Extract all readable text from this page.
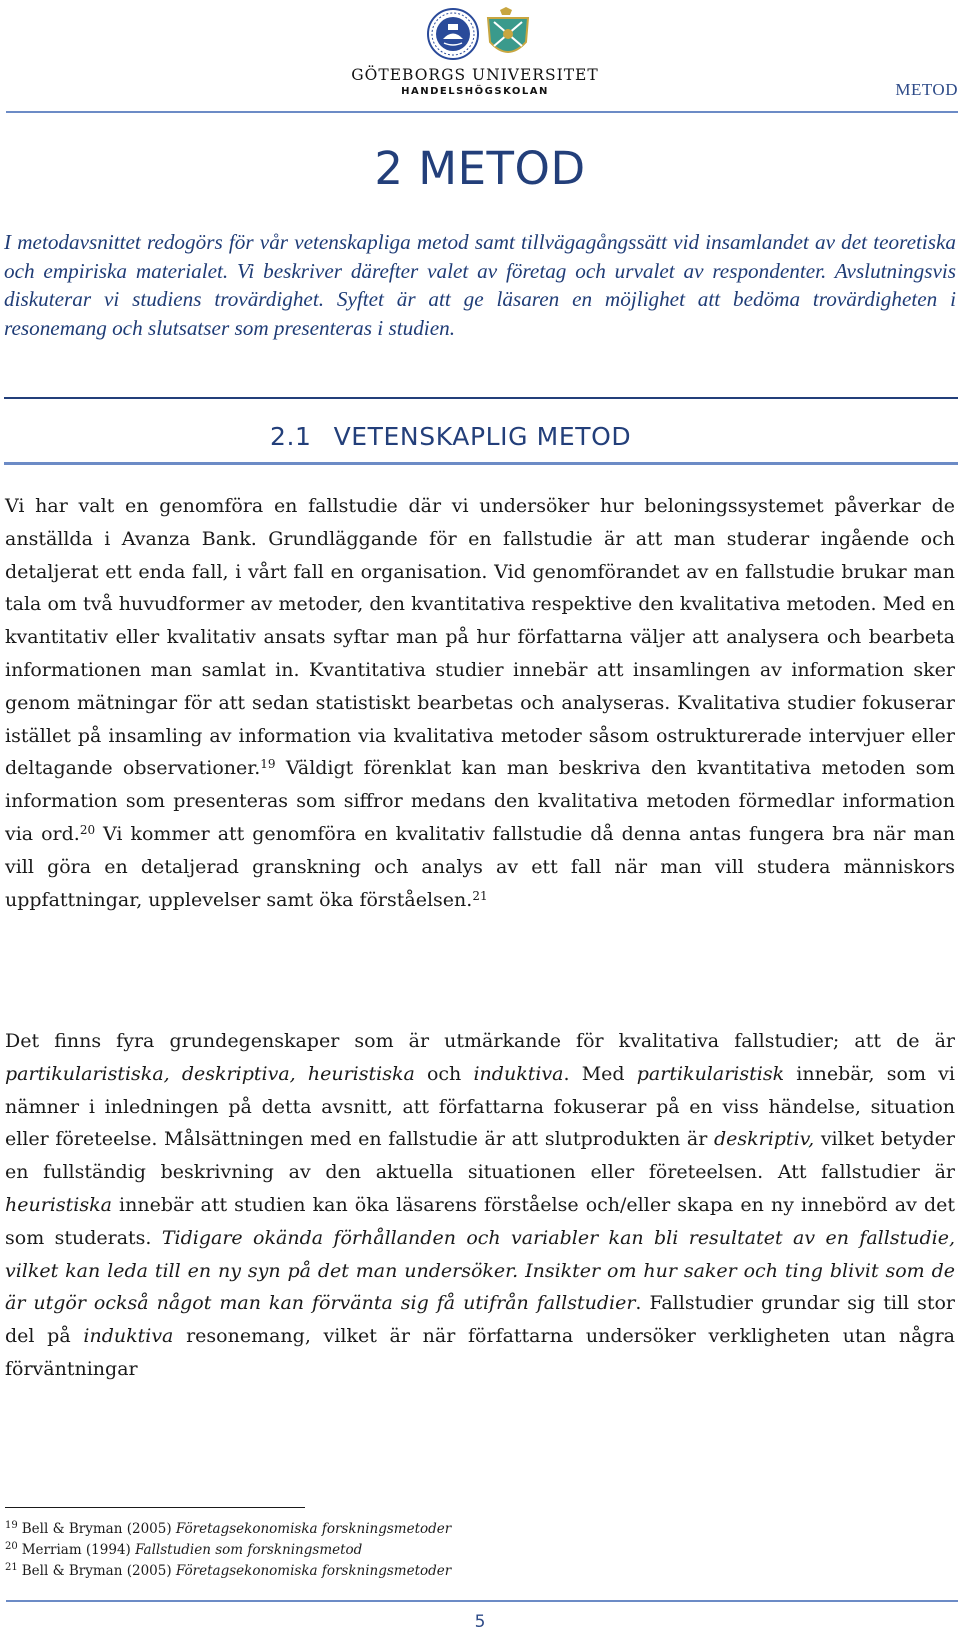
GÖTEBORGS UNIVERSITET
HANDELSHÖGSKOLAN	METOD
2 METOD

I metodavsnittet redogörs för vår vetenskapliga metod samt tillvägagångssätt vid insamlandet av det teoretiska och empiriska materialet. Vi beskriver därefter valet av företag och urvalet av respondenter. Avslutningsvis diskuterar vi studiens trovärdighet. Syftet är att ge läsaren en möjlighet att bedöma trovärdigheten i resonemang och slutsatser som presenteras i studien.

2.1 VETENSKAPLIG METOD

Vi har valt en genomföra en fallstudie där vi undersöker hur beloningssystemet påverkar de anställda i Avanza Bank. Grundläggande för en fallstudie är att man studerar ingående och detaljerat ett enda fall, i vårt fall en organisation. Vid genomförandet av en fallstudie brukar man tala om två huvudformer av metoder, den kvantitativa respektive den kvalitativa metoden. Med en kvantitativ eller kvalitativ ansats syftar man på hur författarna väljer att analysera och bearbeta informationen man samlat in. Kvantitativa studier innebär att insamlingen av information sker genom mätningar för att sedan statistiskt bearbetas och analyseras. Kvalitativa studier fokuserar istället på insamling av information via kvalitativa metoder såsom ostrukturerade intervjuer eller deltagande observationer.$^{19}$ Väldigt förenklat kan man beskriva den kvantitativa metoden som information som presenteras som siffror medans den kvalitativa metoden förmedlar information via ord.$^{20}$ Vi kommer att genomföra en kvalitativ fallstudie då denna antas fungera bra när man vill göra en detaljerad granskning och analys av ett fall när man vill studera människors uppfattningar, upplevelser samt öka förståelsen.$^{21}$

Det finns fyra grundegenskaper som är utmärkande för kvalitativa fallstudier; att de är partikularistiska, deskriptiva, heuristiska och induktiva. Med partikularistisk innebär, som vi nämner i inledningen på detta avsnitt, att författarna fokuserar på en viss händelse, situation eller företeelse. Målsättningen med en fallstudie är att slutprodukten är deskriptiv, vilket betyder en fullständig beskrivning av den aktuella situationen eller företeelsen. Att fallstudier är heuristiska innebär att studien kan öka läsarens förståelse och/eller skapa en ny innebörd av det som studerats. Tidigare okända förhållanden och variabler kan bli resultatet av en fallstudie, vilket kan leda till en ny syn på det man undersöker. Insikter om hur saker och ting blivit som de är utgör också något man kan förvänta sig få utifrån fallstudier. Fallstudier grundar sig till stor del på induktiva resonemang, vilket är när författarna undersöker verkligheten utan några förväntningar

$^{19}$ Bell & Bryman (2005) Företagsekonomiska forskningsmetoder
$^{20}$ Merriam (1994) Fallstudien som forskningsmetod
$^{21}$ Bell & Bryman (2005) Företagsekonomiska forskningsmetoder
5
